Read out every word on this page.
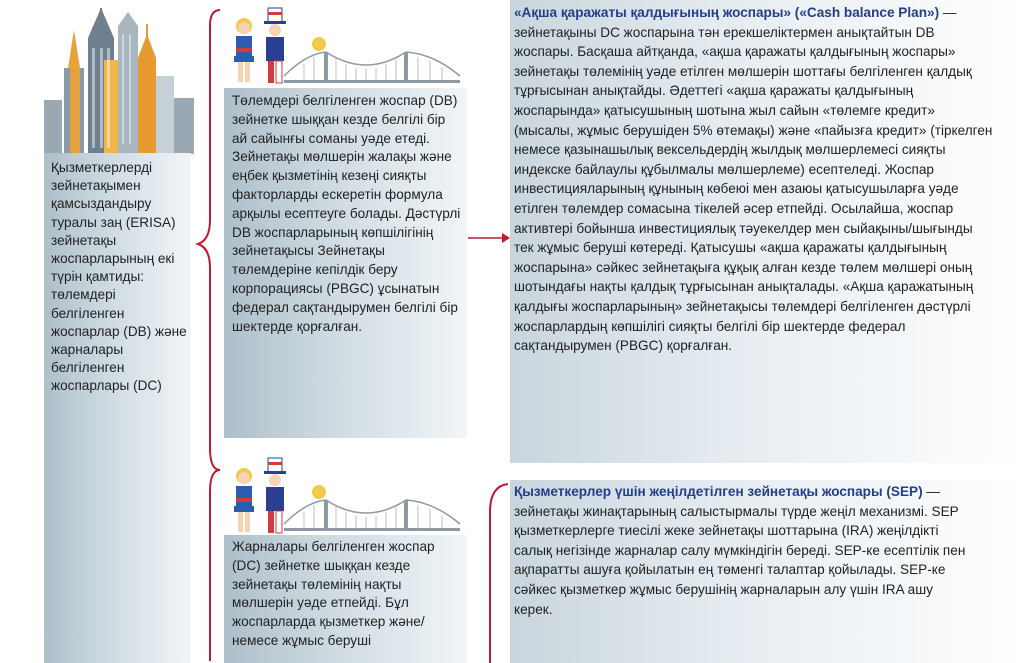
Қызметкерлерді зейнетақымен қамсыздандыру туралы заң (ERISA) зейнетақы жоспарларының екі түрін қамтиды: төлемдері белгіленген жоспарлар (DB) және жарналары белгіленген жоспарлары (DC)
Төлемдері белгіленген жоспар (DB) зейнетке шыққан кезде белгілі бір ай сайынғы соманы уәде етеді. Зейнетақы мөлшерін жалақы және еңбек қызметінің кезеңі сияқты факторларды ескеретін формула арқылы есептеуге болады. Дәстүрлі DB жоспарларының көпшілігінің зейнетақысы Зейнетақы төлемдеріне кепілдік беру корпорациясы (PBGC) ұсынатын федерал сақтандырумен белгілі бір шектерде қорғалған.
Жарналары белгіленген жоспар (DC) зейнетке шыққан кезде зейнетақы төлемінің нақты мөлшерін уәде етпейді. Бұл жоспарларда қызметкер және/немесе жұмыс беруші
«Ақша қаражаты қалдығының жоспары» («Cash balance Plan») — зейнетақыны DC жоспарына тән ерекшеліктермен анықтайтын DB жоспары. Басқаша айтқанда, «ақша қаражаты қалдығының жоспары» зейнетақы төлемінің уәде етілген мөлшерін шоттағы белгіленген қалдық тұрғысынан анықтайды. Әдеттегі «ақша қаражаты қалдығының жоспарында» қатысушының шотына жыл сайын «төлемге кредит» (мысалы, жұмыс берушіден 5% өтемақы) және «пайызға кредит» (тіркелген немесе қазынашылық вексельдердің жылдық мөлшерлемесі сияқты индекске байлаулы құбылмалы мөлшерлеме) есептеледі. Жоспар инвестицияларының құнының көбеюі мен азаюы қатысушыларға уәде етілген төлемдер сомасына тікелей әсер етпейді. Осылайша, жоспар активтері бойынша инвестициялық тәуекелдер мен сыйақыны/шығынды тек жұмыс беруші көтереді. Қатысушы «ақша қаражаты қалдығының жоспарына» сәйкес зейнетақыға құқық алған кезде төлем мөлшері оның шотындағы нақты қалдық тұрғысынан анықталады. «Ақша қаражатының қалдығы жоспарларының» зейнетақысы төлемдері белгіленген дәстүрлі жоспарлардың көпшілігі сияқты белгілі бір шектерде федерал сақтандырумен (PBGC) қорғалған.
Қызметкерлер үшін жеңілдетілген зейнетақы жоспары (SEP) — зейнетақы жинақтарының салыстырмалы түрде жеңіл механизмі. SEP қызметкерлерге тиесілі жеке зейнетақы шоттарына (IRA) жеңілдікті салық негізінде жарналар салу мүмкіндігін береді. SEP-ке есептілік пен ақпаратты ашуға қойылатын ең төменгі талаптар қойылады. SEP-ке сәйкес қызметкер жұмыс берушінің жарналарын алу үшін IRA ашу керек.
